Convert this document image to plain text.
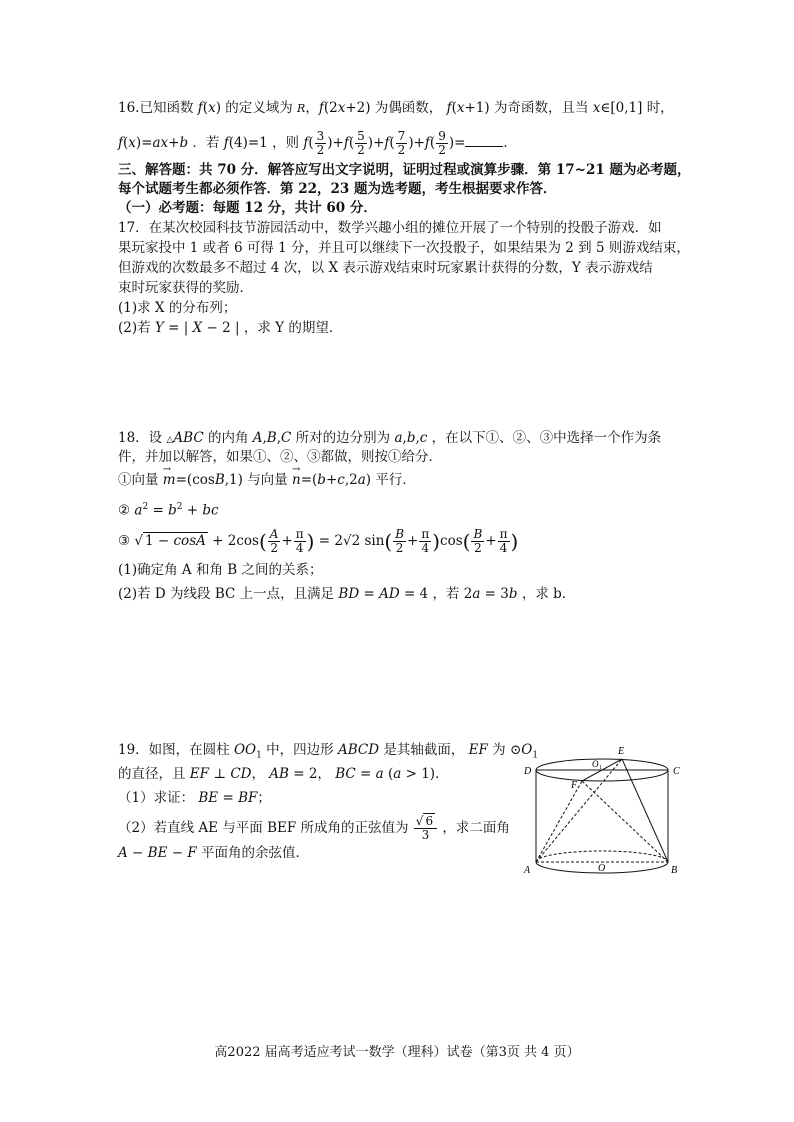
16.已知函数 f(x) 的定义域为 R，f(2x+2) 为偶函数， f(x+1) 为奇函数，且当 x∈[0,1] 时，
f(x)=ax+b ．若 f(4)=1 ，则 $f( \frac{3}{2} )+f( \frac{5}{2} )+f( \frac{7}{2} )+f( \frac{9}{2}$ )=	．
三、解答题：共 70 分．解答应写出文字说明，证明过程或演算步骤．第 17~21 题为必考题，
每个试题考生都必须作答．第 22，23 题为选考题，考生根据要求作答．
（一）必考题：每题 12 分，共计 60 分．
17．在某次校园科技节游园活动中，数学兴趣小组的摊位开展了一个特别的投骰子游戏．如
果玩家投中 1 或者 6 可得 1 分，并且可以继续下一次投骰子，如果结果为 2 到 5 则游戏结束，
但游戏的次数最多不超过 4 次，以 X 表示游戏结束时玩家累计获得的分数，Y 表示游戏结
束时玩家获得的奖励．
(1)求 X 的分布列；
(2)若 Y = | X − 2 | ，求 Y 的期望．
18．设 △ABC 的内角 A,B,C 所对的边分别为 a,b,c ，在以下①、②、③中选择一个作为条
件，并加以解答，如果①、②、③都做，则按①给分．
①向量 → m=(cosB,1) 与向量 → n=(b+c,2a) 平行．
② $a^2 = b^2$ + bc
③ √ $1 - \cos A + 2\cos( \frac{A}{2} + \frac{\pi}{4}$ ) = 2√2 $\sin( \frac{B}{2} + \frac{\pi}{4} )\cos( \frac{B}{2} + \frac{\pi}{4}$ )
(1)确定角 A 和角 B 之间的关系；
(2)若 D 为线段 BC 上一点，且满足 BD = AD = 4 ，若 2a = 3b ，求 b．
19．如图，在圆柱 $OO_1$ 中，四边形 ABCD 是其轴截面， EF 为 $⊙O_1$
的直径，且 EF ⊥ CD， AB = 2， BC = a (a > 1)．
（1）求证： BE = BF；
（2）若直线 AE 与平面 BEF 所成角的正弦值为 $\frac{√ 6}{3}$ ，求二面角
A − BE − F 平面角的余弦值．
D	C
A	B
E
F
O 1
O
高2022 届高考适应考试一数学（理科）试卷（第3页 共 4 页）
